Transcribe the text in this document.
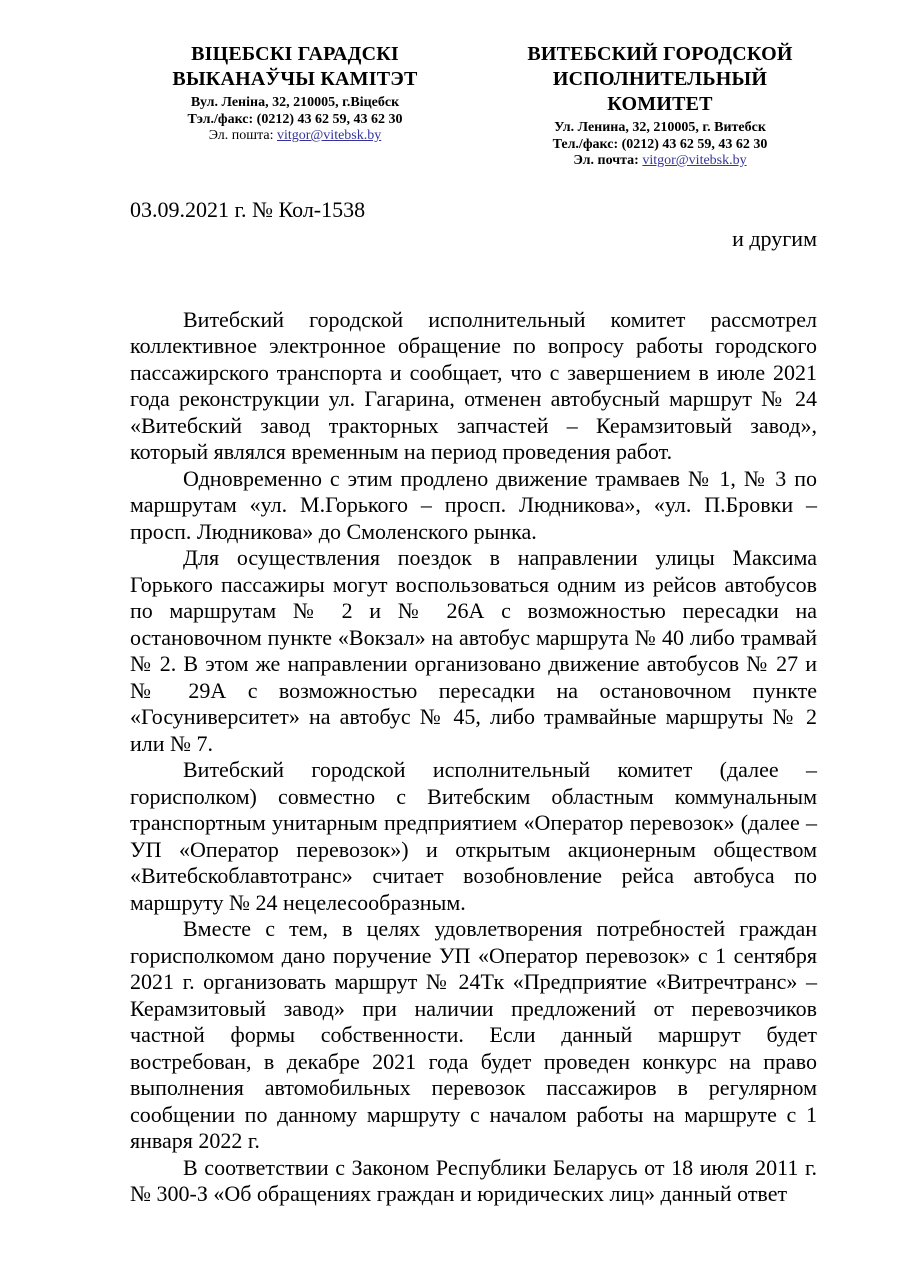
ВІЦЕБСКІ ГАРАДСКІ
ВЫКАНАЎЧЫ КАМІТЭТ
Вул. Леніна, 32, 210005, г.Віцебск
Тэл./факс: (0212) 43 62 59, 43 62 30
Эл. пошта: vitgor@vitebsk.by
ВИТЕБСКИЙ ГОРОДСКОЙ
ИСПОЛНИТЕЛЬНЫЙ КОМИТЕТ
Ул. Ленина, 32, 210005, г. Витебск
Тел./факс: (0212) 43 62 59, 43 62 30
Эл. почта: vitgor@vitebsk.by
03.09.2021 г. № Кол-1538
и другим

Витебский городской исполнительный комитет рассмотрел коллективное электронное обращение по вопросу работы городского пассажирского транспорта и сообщает, что с завершением в июле 2021 года реконструкции ул. Гагарина, отменен автобусный маршрут № 24 «Витебский завод тракторных запчастей – Керамзитовый завод», который являлся временным на период проведения работ.

Одновременно с этим продлено движение трамваев № 1, № 3 по маршрутам «ул. М.Горького – просп. Людникова», «ул. П.Бровки – просп. Людникова» до Смоленского рынка.

Для осуществления поездок в направлении улицы Максима Горького пассажиры могут воспользоваться одним из рейсов автобусов по маршрутам № 2 и № 26А с возможностью пересадки на остановочном пункте «Вокзал» на автобус маршрута № 40 либо трамвай № 2. В этом же направлении организовано движение автобусов № 27 и № 29А с возможностью пересадки на остановочном пункте «Госуниверситет» на автобус № 45, либо трамвайные маршруты № 2 или № 7.

Витебский городской исполнительный комитет (далее – горисполком) совместно с Витебским областным коммунальным транспортным унитарным предприятием «Оператор перевозок» (далее – УП «Оператор перевозок») и открытым акционерным обществом «Витебскоблавтотранс» считает возобновление рейса автобуса по маршруту № 24 нецелесообразным.

Вместе с тем, в целях удовлетворения потребностей граждан горисполкомом дано поручение УП «Оператор перевозок» с 1 сентября 2021 г. организовать маршрут № 24Тк «Предприятие «Витречтранс» – Керамзитовый завод» при наличии предложений от перевозчиков частной формы собственности. Если данный маршрут будет востребован, в декабре 2021 года будет проведен конкурс на право выполнения автомобильных перевозок пассажиров в регулярном сообщении по данному маршруту с началом работы на маршруте с 1 января 2022 г.

В соответствии с Законом Республики Беларусь от 18 июля 2011 г. № 300-З «Об обращениях граждан и юридических лиц» данный ответ
